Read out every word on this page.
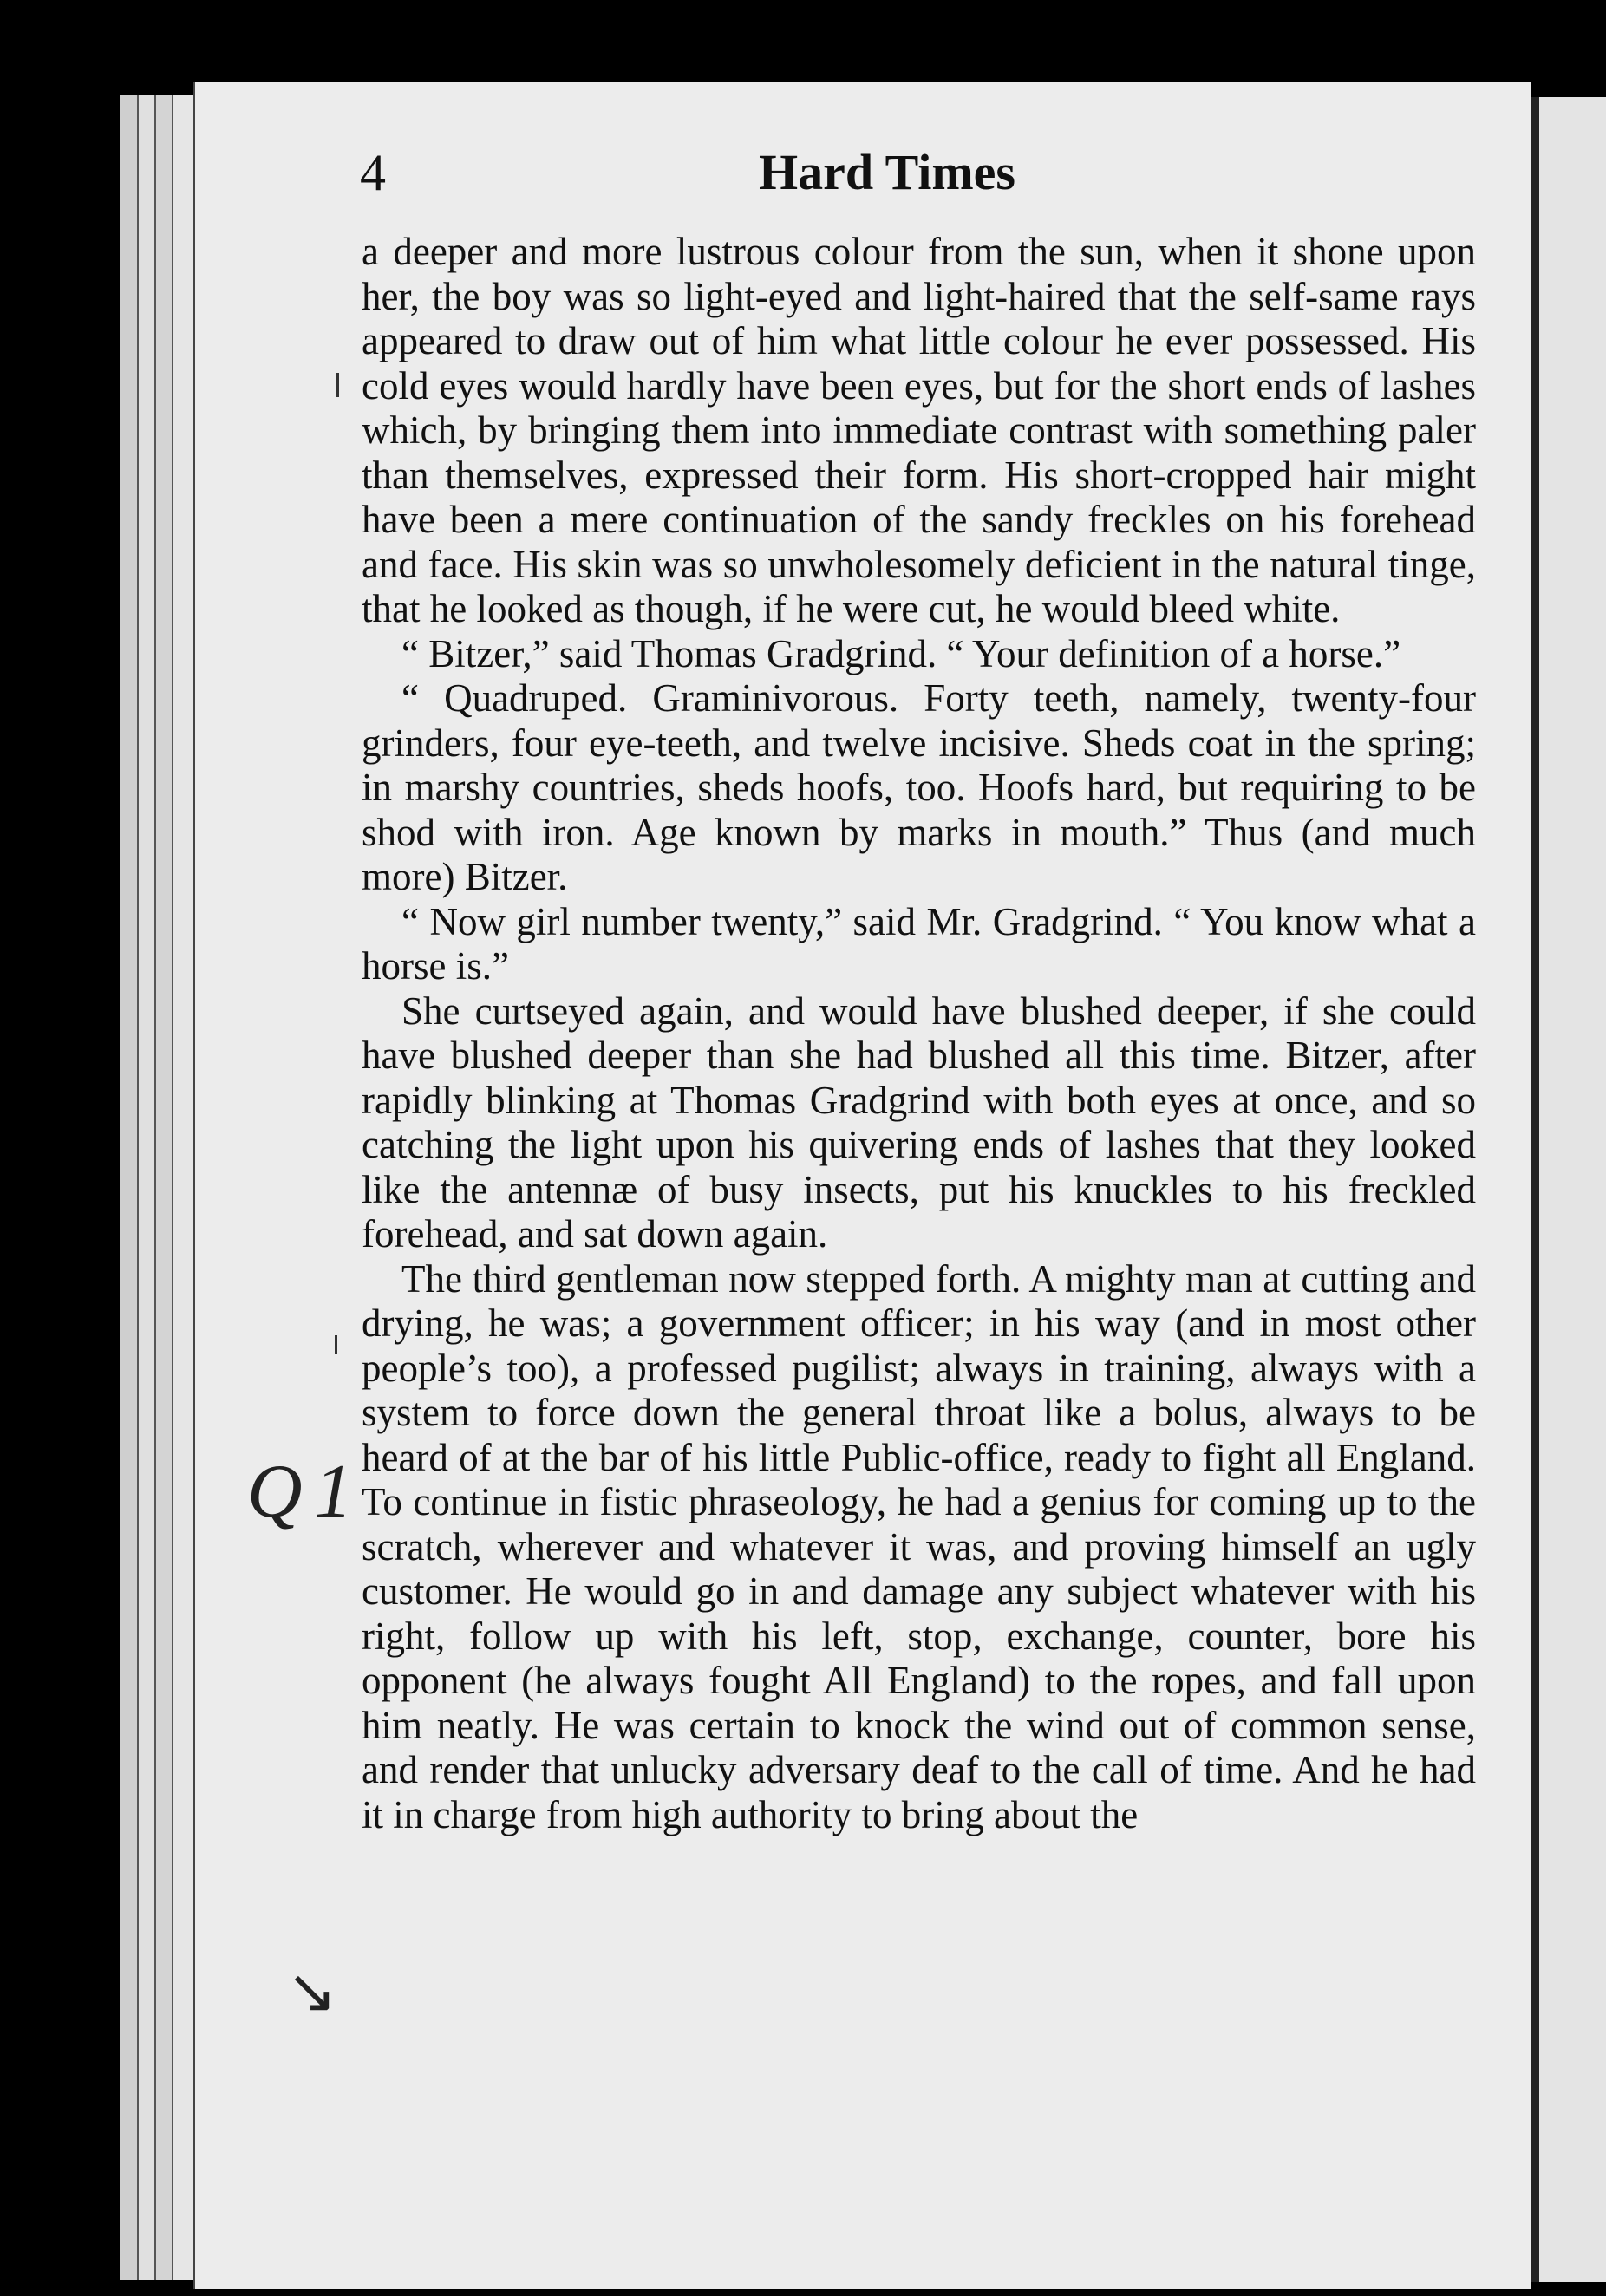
4	Hard Times

a deeper and more lustrous colour from the sun, when it shone upon her, the boy was so light-eyed and light-haired that the self-same rays appeared to draw out of him what little colour he ever possessed. His cold eyes would hardly have been eyes, but for the short ends of lashes which, by bringing them into immediate contrast with something paler than themselves, expressed their form. His short-cropped hair might have been a mere continuation of the sandy freckles on his forehead and face. His skin was so unwholesomely deficient in the natural tinge, that he looked as though, if he were cut, he would bleed white.

“ Bitzer,” said Thomas Gradgrind. “ Your definition of a horse.”

“ Quadruped. Graminivorous. Forty teeth, namely, twenty-four grinders, four eye-teeth, and twelve incisive. Sheds coat in the spring; in marshy countries, sheds hoofs, too. Hoofs hard, but requiring to be shod with iron. Age known by marks in mouth.” Thus (and much more) Bitzer.

“ Now girl number twenty,” said Mr. Gradgrind. “ You know what a horse is.”

She curtseyed again, and would have blushed deeper, if she could have blushed deeper than she had blushed all this time. Bitzer, after rapidly blinking at Thomas Gradgrind with both eyes at once, and so catching the light upon his quivering ends of lashes that they looked like the antennæ of busy insects, put his knuckles to his freckled forehead, and sat down again.

The third gentleman now stepped forth. A mighty man at cutting and drying, he was; a government officer; in his way (and in most other people’s too), a professed pugilist; always in training, always with a system to force down the general throat like a bolus, always to be heard of at the bar of his little Public-office, ready to fight all England. To continue in fistic phraseology, he had a genius for coming up to the scratch, wherever and whatever it was, and proving himself an ugly customer. He would go in and damage any subject whatever with his right, follow up with his left, stop, exchange, counter, bore his opponent (he always fought All England) to the ropes, and fall upon him neatly. He was certain to knock the wind out of common sense, and render that unlucky adversary deaf to the call of time. And he had it in charge from high authority to bring about the

Q1
↘
